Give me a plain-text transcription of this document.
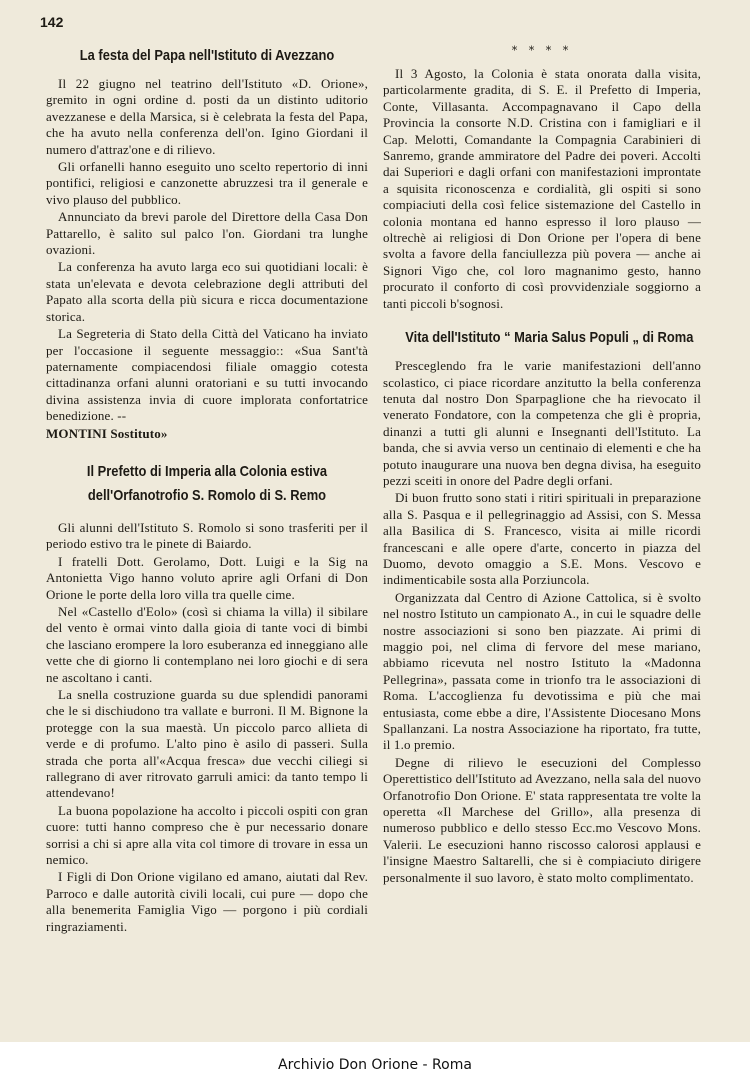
142
La festa del Papa nell'Istituto di Avezzano

Il 22 giugno nel teatrino dell'Istituto «D. Orione», gremito in ogni ordine d. posti da un distinto uditorio avezzanese e della Marsica, si è celebrata la festa del Papa, che ha avuto nella conferenza dell'on. Igino Giordani il numero d'attraz'one e di rilievo.

Gli orfanelli hanno eseguito uno scelto repertorio di inni pontifici, religiosi e canzonette abruzzesi tra il generale e vivo plauso del pubblico.

Annunciato da brevi parole del Direttore della Casa Don Pattarello, è salito sul palco l'on. Giordani tra lunghe ovazioni.

La conferenza ha avuto larga eco sui quotidiani locali: è stata un'elevata e devota celebrazione degli attributi del Papato alla scorta della più sicura e ricca documentazione storica.

La Segreteria di Stato della Città del Vaticano ha inviato per l'occasione il seguente messaggio:: «Sua Sant'tà paternamente compiacendosi filiale omaggio cotesta cittadinanza orfani alunni oratoriani e su tutti invocando divina assistenza invia di cuore implorata confortatrice benedizione. --

MONTINI Sostituto»

Il Prefetto di Imperia alla Colonia estiva
dell'Orfanotrofio S. Romolo di S. Remo

Gli alunni dell'Istituto S. Romolo si sono trasferiti per il periodo estivo tra le pinete di Baiardo.

I fratelli Dott. Gerolamo, Dott. Luigi e la Sig na Antonietta Vigo hanno voluto aprire agli Orfani di Don Orione le porte della loro villa tra quelle cime.

Nel «Castello d'Eolo» (così si chiama la villa) il sibilare del vento è ormai vinto dalla gioia di tante voci di bimbi che lasciano erompere la loro esuberanza ed inneggiano alle vette che di giorno li contemplano nei loro giochi e di sera ne ascoltano i canti.

La snella costruzione guarda su due splendidi panorami che le si dischiudono tra vallate e burroni. Il M. Bignone la protegge con la sua maestà. Un piccolo parco allieta di verde e di profumo. L'alto pino è asilo di passeri. Sulla strada che porta all'«Acqua fresca» due vecchi ciliegi si rallegrano di aver ritrovato garruli amici: da tanto tempo li attendevano!

La buona popolazione ha accolto i piccoli ospiti con gran cuore: tutti hanno compreso che è pur necessario donare sorrisi a chi si apre alla vita col timore di trovare in essa un nemico.

I Figli di Don Orione vigilano ed amano, aiutati dal Rev. Parroco e dalle autorità civili locali, cui pure — dopo che alla benemerita Famiglia Vigo — porgono i più cordiali ringraziamenti.

* * * *

Il 3 Agosto, la Colonia è stata onorata dalla visita, particolarmente gradita, di S. E. il Prefetto di Imperia, Conte, Villasanta. Accompagnavano il Capo della Provincia la consorte N.D. Cristina con i famigliari e il Cap. Melotti, Comandante la Compagnia Carabinieri di Sanremo, grande ammiratore del Padre dei poveri. Accolti dai Superiori e dagli orfani con manifestazioni improntate a squisita riconoscenza e cordialità, gli ospiti si sono compiaciuti della così felice sistemazione del Castello in colonia montana ed hanno espresso il loro plauso — oltrechè ai religiosi di Don Orione per l'opera di bene svolta a favore della fanciullezza più povera — anche ai Signori Vigo che, col loro magnanimo gesto, hanno procurato il conforto di così provvidenziale soggiorno a tanti piccoli b'sognosi.

Vita dell'Istituto “ Maria Salus Populi „ di Roma

Presceglendo fra le varie manifestazioni dell'anno scolastico, ci piace ricordare anzitutto la bella conferenza tenuta dal nostro Don Sparpaglione che ha rievocato il venerato Fondatore, con la competenza che gli è propria, dinanzi a tutti gli alunni e Insegnanti dell'Istituto. La banda, che si avvia verso un centinaio di elementi e che ha potuto inaugurare una nuova ben degna divisa, ha eseguito pezzi sceiti in onore del Padre degli orfani.

Di buon frutto sono stati i ritiri spirituali in preparazione alla S. Pasqua e il pellegrinaggio ad Assisi, con S. Messa alla Basilica di S. Francesco, visita ai mille ricordi francescani e alle opere d'arte, concerto in piazza del Duomo, devoto omaggio a S.E. Mons. Vescovo e indimenticabile sosta alla Porziuncola.

Organizzata dal Centro di Azione Cattolica, si è svolto nel nostro Istituto un campionato A., in cui le squadre delle nostre associazioni si sono ben piazzate. Ai primi di maggio poi, nel clima di fervore del mese mariano, abbiamo ricevuta nel nostro Istituto la «Madonna Pellegrina», passata come in trionfo tra le associazioni di Roma. L'accoglienza fu devotissima e più che mai entusiasta, come ebbe a dire, l'Assistente Diocesano Mons Spallanzani. La nostra Associazione ha riportato, fra tutte, il 1.o premio.

Degne di rilievo le esecuzioni del Complesso Operettistico dell'Istituto ad Avezzano, nella sala del nuovo Orfanotrofio Don Orione. E' stata rappresentata tre volte la operetta «Il Marchese del Grillo», alla presenza di numeroso pubblico e dello stesso Ecc.mo Vescovo Mons. Valerii. Le esecuzioni hanno riscosso calorosi applausi e l'insigne Maestro Saltarelli, che si è compiaciuto dirigere personalmente il suo lavoro, è stato molto complimentato.

Archivio Don Orione - Roma
